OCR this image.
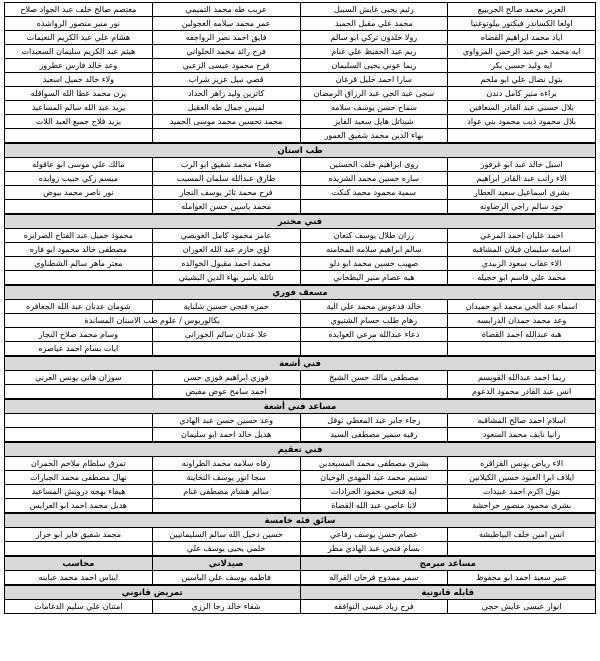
العزيز محمد صالح الجريبيع	رئيم يحيى غايش السبيل	عريب طه محمد التميمي	معتصم صالح خلف عبد الجواد صلاح
اولغا الكساندر فيكتور بيلوتوغنيا	محمد علي مقبل الحميد	عمر محمد سلامه العجولين	نور منير منصور الرواشده
اياد محمد ابراهيم القضاه	رولا خلدون تركي ابو سالم	فايق احمد نصر الرواجفه	هشام علي عبد الكريم النعيمات
ايه محمد خير عبد الرحمن المرواوي	ريم عبد الحفيظ علي غنام	فرح رائد محمد الحلواني	هيثم عبد الكريم سليمان السعيدات
ايه وليد حسين بكر	ريما عوني يحيى السليمان	فرح محمود عيسى الزعبي	وعد خالد فارس عطروز
بتول نضال علي ابو ملحم	سارا احمد خليل قرعان	قصي نبيل عزيز شراب	ولاء خالد جميل اسعيد
براءه منير كامل دندن	سجى عبد الحي عبد الرزاق الرمضان	كاترين وليد زاهر الحداد	يزن محمد عطا الله السواقله
بلال حسني عبد القادر السعافين	سماح حسن يوسف سلامه	لميس جمال طه العقيل	يزيد عبد الله سالم المساعيد
بلال محمود ذيب محمود بني عواد	شيناتل هايل سعيد الفايز	محمد تحسين محمد موسى الحميد	يزيد فلاح جميع العبد اللات
	بهاء الدين محمد شفيق العمور		
طب اسنان			
اسيل خالد عبد ابو غرفور	روى ابراهيم خلف الحسنين	صفاء محمد شفيق ابو الرب	مالك علي موسى ابو عاقوله
الاء راتب عبد القادر ابراهيم	ساره حسين محمد الشريده	طارق عبدالله سلمان المسيب	ميسم زكي حبيب زوايده
بشرى اسماعيل سعيد العطار	سمية محمود محمد كنكت	فرح محمد ثائر يوسف النجار	نور ناصر محمد بيوض
جود سالم راجي الرضاونه		محمد ياسين حسن العوامله	
فني مختبر			
احمد عليان احمد المرعي	رزان طلال يوسف كنعان	عامر محمود كامل العويصي	محمود جميل عبد الفتاح الصرايره
اسامه سليمان فيلان المشاقبه	سالم ابراهيم سلامه المحامنه	لؤي حازم عبد الله العوران	مصطفى خالد محمود ابو فاره
الاء عقاب سعود الزبيدي	صهيب حسين محمد ابو دلو	محمد احمد مقبول الخوالده	معتز ماهر سالم الشطناوي
محمد علي قاسم ابو حجيله	هبه عصام منير البطحاني	نائله ياسر بهاء الدين البشيتي	
مسعف فوري			
اسماء عبد الحي محمد ابو حميدان	خالد فدعوس محمد علي الية	حمزه فتحي حسين شلباية	شومان عدنان عبد الله الجعافره
وعد محمد حمدان الدرابسه	رهام طلب حسام الشتيوي	بكالوريوس / علوم طب الاسنان المساندة	
هبه عبدالله احمد القضاة	دعاء عبدالله مرعي العوايده	علا عدنان سالم الحورانی	وسام محمد صلاح النجار
			ايات بسام احمد عياصره
فني أشعة			
ريما احمد عبدالله القويسم	مصطفى مالك حسن الشيخ	فوزي ابراهيم فوزي حسن	سوزان هاني يونس العرني
انس عبد القادر محمود الدعوم		احمد سامح عوض مفيض	
مساعد فني أشعة			
اسلام احمد صالح المشاقبه	رجاء جابر عبد المعطي نوفل	وعد حسين حسن عبد الهادي	
رانيا نايف محمد السعود	رقيه سمير مصطفى السيد	هديل خالد احمد ابو سليمان	
فني تعقيم			
الاء رياض يونس القزاقزه	بشرى مصطفى محمد المسيعدين	رفاه سلامه محمد الطراونه	تمرق سلطام ملاحم الحمران
ايلاف ابرا العبود حسين الكيلانين	تسنيم محمد عبد المهدي الوخيان	سجا انور يوسف التخاينة	نهال مصطفى محمد الجبارات
بتول اكرم احمد عبيدات	ايه فتحي محمود الجرادات	سالم هشام مصطفى غنام	هيفاء بهجه درويش المساعيد
بشرى محمود منصور حراحشة	لانا عاصي عبد الله القضاة		هديل محمد احمد ابو العرايس
سائق فئه خامسة			
انس امين خلف البياطيشه	عصام حسن يوسف رفاعي	حسين دخيل الله سالم السليمانيين	محمد شفيق فايز ابو جرار
	بسام فتحي عبد الهادي مطر	حلمي يحيى يوسف علي	
مساعد مبرمج		صيدلاني	محاسب
عبير سعيد احمد ابو محفوظ	سمر ممدوح فرحان القراله	فاطمه يوسف علي الياسين	ايناس احمد محمد عباينه
قابله قانونية		تمريض قانوني	
انوار عيسى عايش حجي	فرح زياد عيسى التوافقه	شفاء خالد رجا الرزي	امتنان علي سليم الدغامات
